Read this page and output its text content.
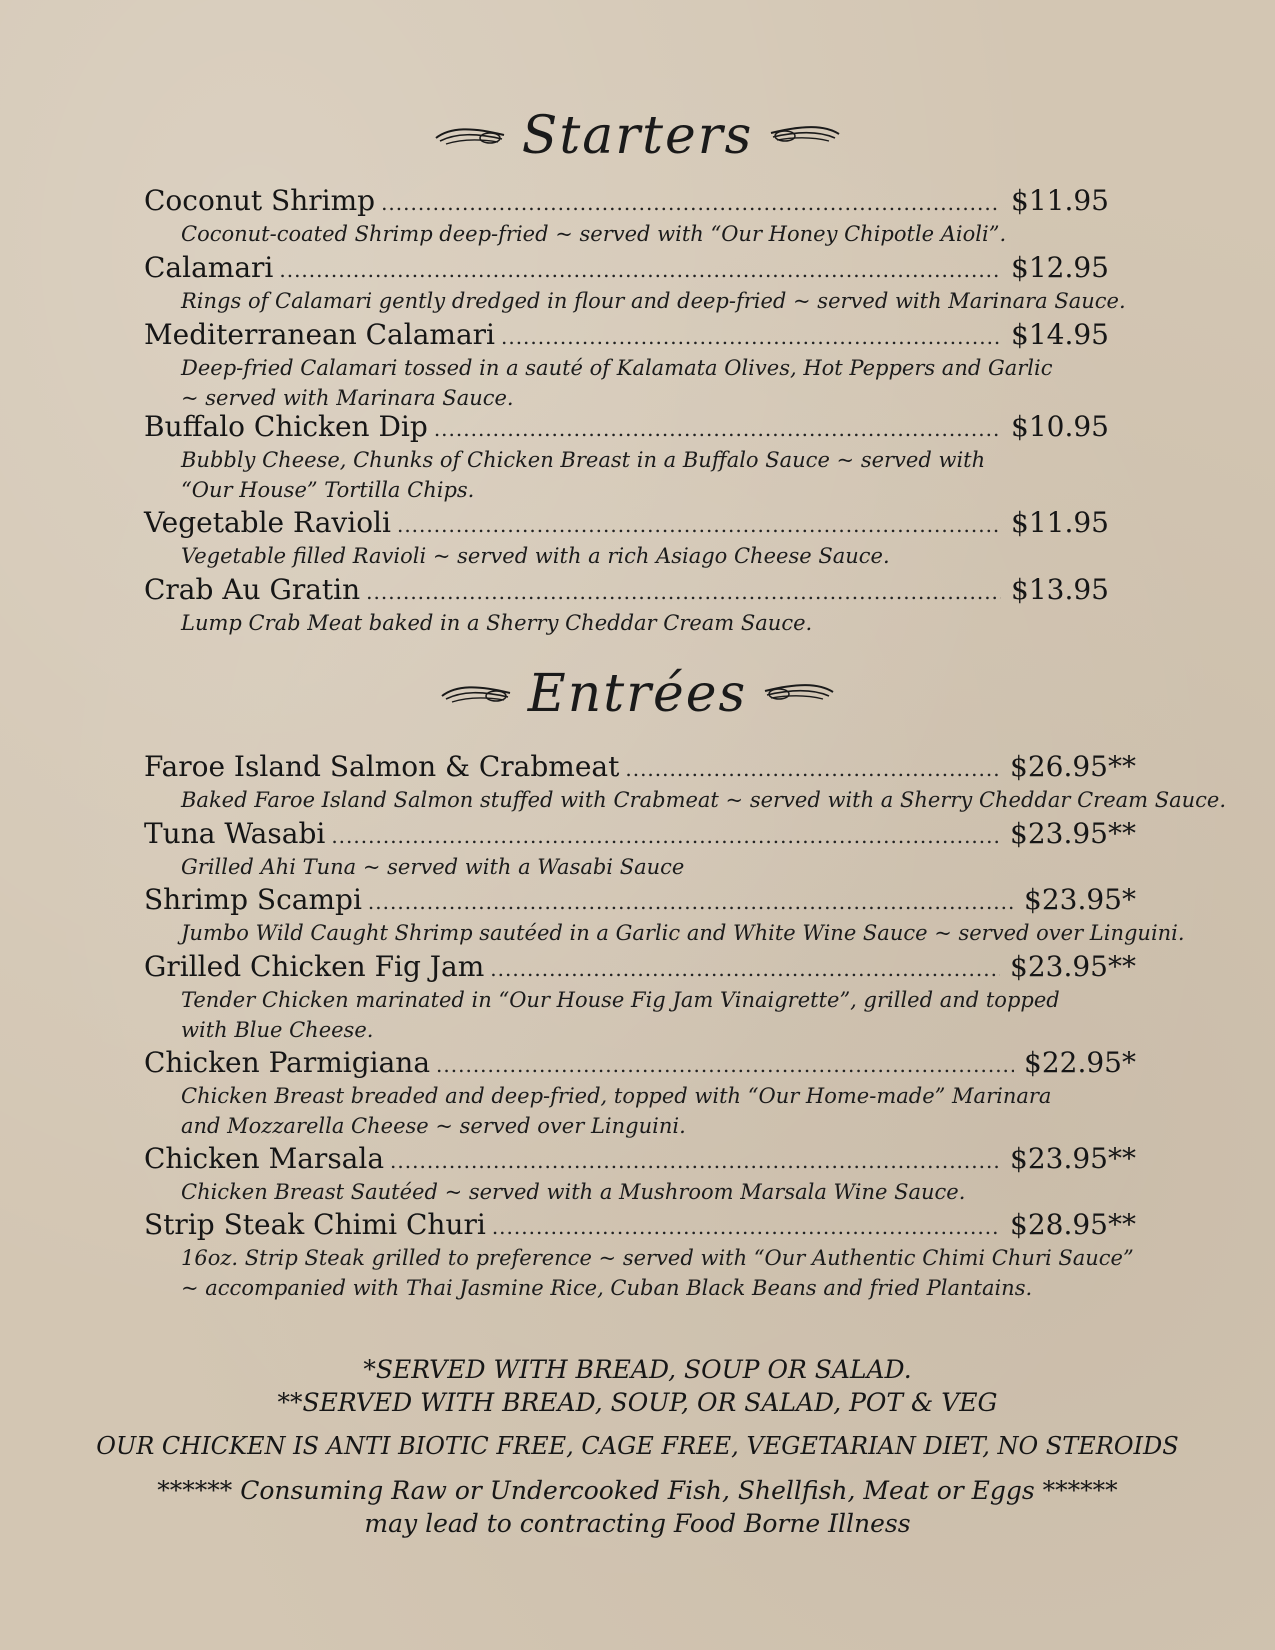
Starters
Coconut Shrimp .....	$11.95
Coconut-coated Shrimp deep-fried ~ served with “Our Honey Chipotle Aioli”.
Calamari .....	$12.95
Rings of Calamari gently dredged in flour and deep-fried ~ served with Marinara Sauce.
Mediterranean Calamari .....	$14.95
Deep-fried Calamari tossed in a sauté of Kalamata Olives, Hot Peppers and Garlic
~ served with Marinara Sauce.
Buffalo Chicken Dip .....	$10.95
Bubbly Cheese, Chunks of Chicken Breast in a Buffalo Sauce ~ served with
“Our House” Tortilla Chips.
Vegetable Ravioli .....	$11.95
Vegetable filled Ravioli ~ served with a rich Asiago Cheese Sauce.
Crab Au Gratin .....	$13.95
Lump Crab Meat baked in a Sherry Cheddar Cream Sauce.
Entrées
Faroe Island Salmon & Crabmeat .....	$26.95**
Baked Faroe Island Salmon stuffed with Crabmeat ~ served with a Sherry Cheddar Cream Sauce.
Tuna Wasabi .....	$23.95**
Grilled Ahi Tuna ~ served with a Wasabi Sauce
Shrimp Scampi .....	$23.95*
Jumbo Wild Caught Shrimp sautéed in a Garlic and White Wine Sauce ~ served over Linguini.
Grilled Chicken Fig Jam .....	$23.95**
Tender Chicken marinated in “Our House Fig Jam Vinaigrette”, grilled and topped
with Blue Cheese.
Chicken Parmigiana .....	$22.95*
Chicken Breast breaded and deep-fried, topped with “Our Home-made” Marinara
and Mozzarella Cheese ~ served over Linguini.
Chicken Marsala .....	$23.95**
Chicken Breast Sautéed ~ served with a Mushroom Marsala Wine Sauce.
Strip Steak Chimi Churi .....	$28.95**
16oz. Strip Steak grilled to preference ~ served with “Our Authentic Chimi Churi Sauce”
~ accompanied with Thai Jasmine Rice, Cuban Black Beans and fried Plantains.
*SERVED WITH BREAD, SOUP OR SALAD.
**SERVED WITH BREAD, SOUP, OR SALAD, POT & VEG
OUR CHICKEN IS ANTI BIOTIC FREE, CAGE FREE, VEGETARIAN DIET, NO STEROIDS
****** Consuming Raw or Undercooked Fish, Shellfish, Meat or Eggs ******
may lead to contracting Food Borne Illness
